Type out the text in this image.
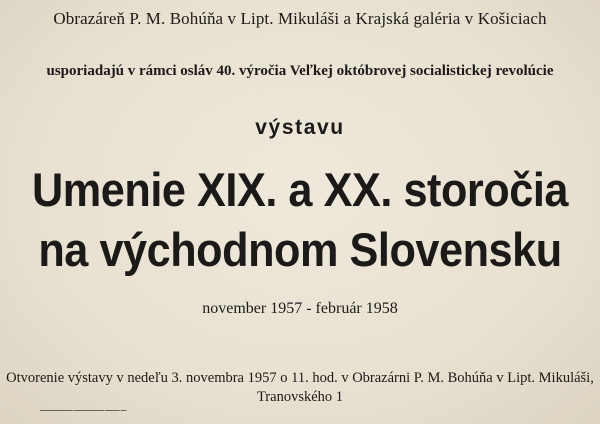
Obrazáreň P. M. Bohúňa v Lipt. Mikuláši a Krajská galéria v Košiciach
usporiadajú v rámci osláv 40. výročia Veľkej októbrovej socialistickej revolúcie
výstavu
Umenie XIX. a XX. storočia
na východnom Slovensku
november 1957 - február 1958
Otvorenie výstavy v nedeľu 3. novembra 1957 o 11. hod. v Obrazárni P. M. Bohúňa v Lipt. Mikuláši,
Tranovského 1
▬▬▬▬▬▬▬▬▬▬▬ ▬▬▬▬▬▬▬▬▬▬ ▬▬▬▬▬ ▬▬
